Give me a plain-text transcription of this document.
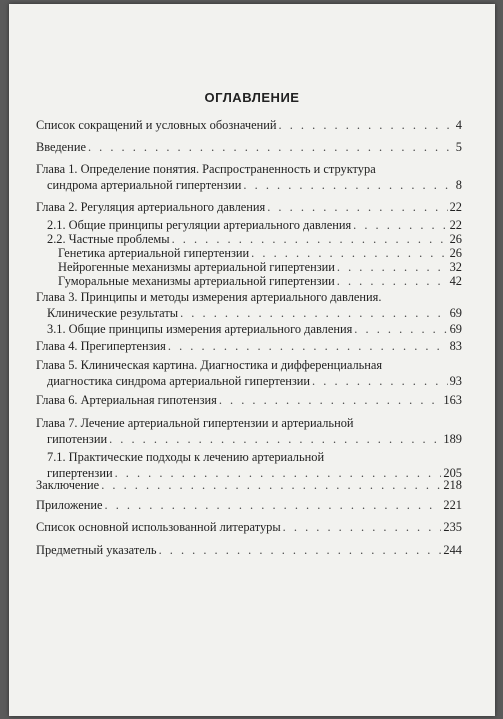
ОГЛАВЛЕНИЕ
Список сокращений и условных обозначений . . .	4
Введение . . .	5
Глава 1. Определение понятия. Распространенность и структура
синдрома артериальной гипертензии . . .	8
Глава 2. Регуляция артериального давления . . .	22
2.1. Общие принципы регуляции артериального давления . . .	22
2.2. Частные проблемы . . .	26
Генетика артериальной гипертензии . . .	26
Нейрогенные механизмы артериальной гипертензии . . .	32
Гуморальные механизмы артериальной гипертензии . . .	42
Глава 3. Принципы и методы измерения артериального давления.
Клинические результаты . . .	69
3.1. Общие принципы измерения артериального давления . . .	69
Глава 4. Прегипертензия . . .	83
Глава 5. Клиническая картина. Диагностика и дифференциальная
диагностика синдрома артериальной гипертензии . . .	93
Глава 6. Артериальная гипотензия . . .	163
Глава 7. Лечение артериальной гипертензии и артериальной
гипотензии . . .	189
7.1. Практические подходы к лечению артериальной
гипертензии . . .	205
Заключение . . .	218
Приложение . . .	221
Список основной использованной литературы . . .	235
Предметный указатель . . .	244
